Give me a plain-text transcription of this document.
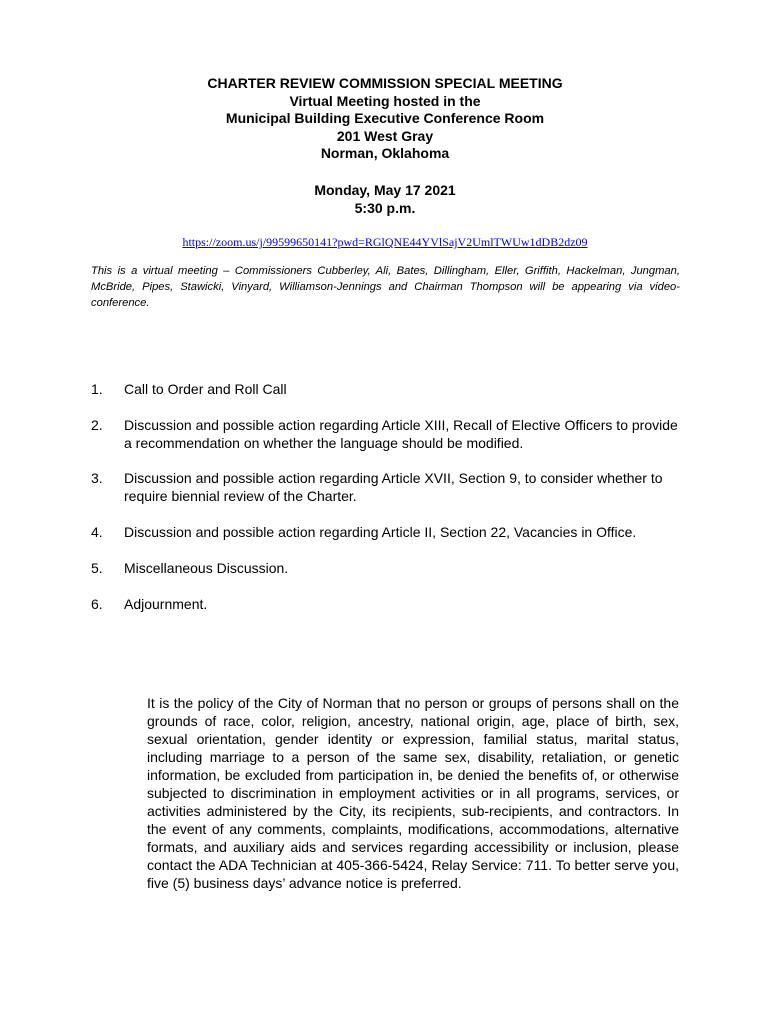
CHARTER REVIEW COMMISSION SPECIAL MEETING
Virtual Meeting hosted in the
Municipal Building Executive Conference Room
201 West Gray
Norman, Oklahoma
Monday, May 17 2021
5:30 p.m.
https://zoom.us/j/99599650141?pwd=RGlQNE44YVlSajV2UmlTWUw1dDB2dz09
This is a virtual meeting – Commissioners Cubberley, Ali, Bates, Dillingham, Eller, Griffith, Hackelman, Jungman, McBride, Pipes, Stawicki, Vinyard, Williamson-Jennings and Chairman Thompson will be appearing via video-conference.
1.	Call to Order and Roll Call
2.	Discussion and possible action regarding Article XIII, Recall of Elective Officers to provide a recommendation on whether the language should be modified.
3.	Discussion and possible action regarding Article XVII, Section 9, to consider whether to require biennial review of the Charter.
4.	Discussion and possible action regarding Article II, Section 22, Vacancies in Office.
5.	Miscellaneous Discussion.
6.	Adjournment.
It is the policy of the City of Norman that no person or groups of persons shall on the grounds of race, color, religion, ancestry, national origin, age, place of birth, sex, sexual orientation, gender identity or expression, familial status, marital status, including marriage to a person of the same sex, disability, retaliation, or genetic information, be excluded from participation in, be denied the benefits of, or otherwise subjected to discrimination in employment activities or in all programs, services, or activities administered by the City, its recipients, sub-recipients, and contractors. In the event of any comments, complaints, modifications, accommodations, alternative formats, and auxiliary aids and services regarding accessibility or inclusion, please contact the ADA Technician at 405-366-5424, Relay Service: 711. To better serve you, five (5) business days’ advance notice is preferred.
